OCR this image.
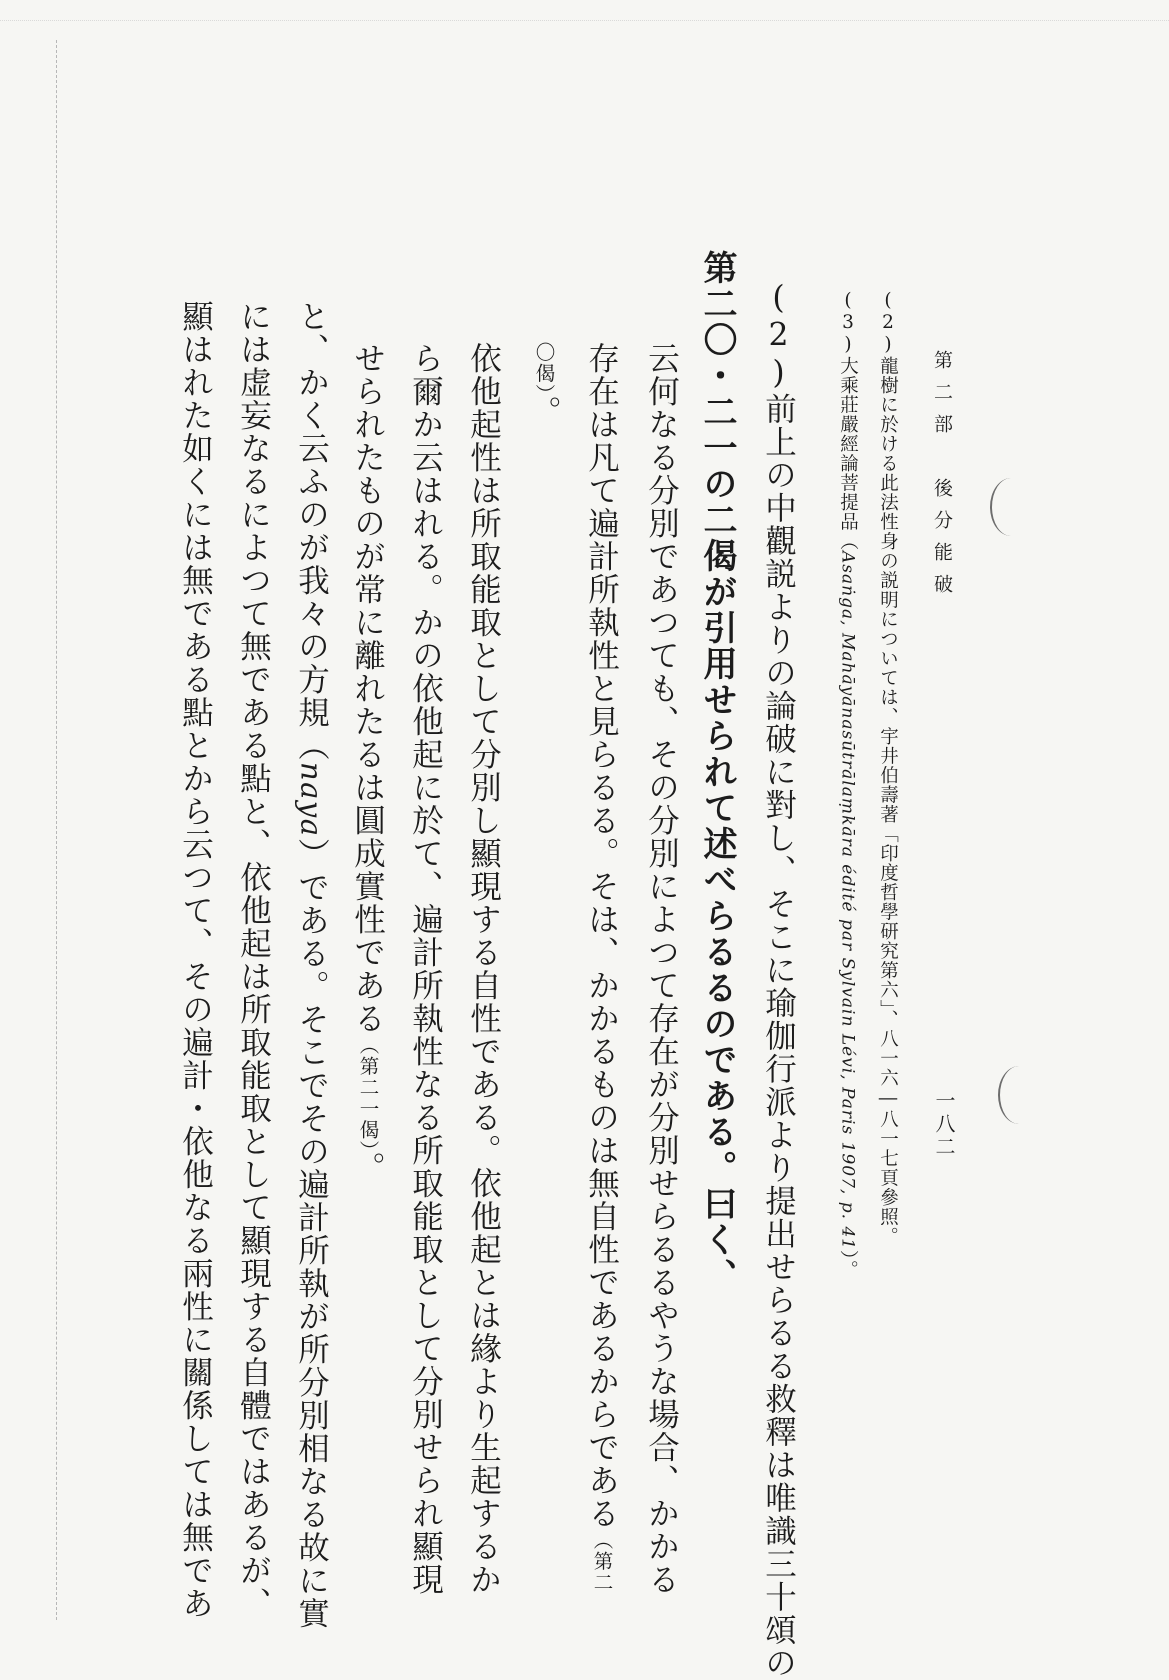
第二部　後分能破
一八二
(2)龍樹に於ける此法性身の説明については、宇井伯壽著「印度哲學研究第六」、八一六―八一七頁參照。
(3)大乘莊嚴經論菩提品（Asaṅga, Mahāyānasūtrālaṃkāra édité par Sylvain Lévi, Paris 1907, p. 41）。
(2)前上の中觀説よりの論破に對し、そこに瑜伽行派より提出せらるる救釋は唯識三十頌の
第二〇・二一の二偈が引用せられて述べらるるのである。曰く、
云何なる分別であつても、その分別によつて存在が分別せらるるやうな場合、かかる
存在は凡て遍計所執性と見らるる。そは、かかるものは無自性であるからである（第二
〇偈）。
依他起性は所取能取として分別し顯現する自性である。依他起とは緣より生起するか
ら爾か云はれる。かの依他起に於て、遍計所執性なる所取能取として分別せられ顯現
せられたものが常に離れたるは圓成實性である（第二一偈）。
と、かく云ふのが我々の方規（naya）である。そこでその遍計所執が所分別相なる故に實
には虚妄なるによつて無である點と、依他起は所取能取として顯現する自體ではあるが、
顯はれた如くには無である點とから云つて、その遍計・依他なる兩性に關係しては無であ
